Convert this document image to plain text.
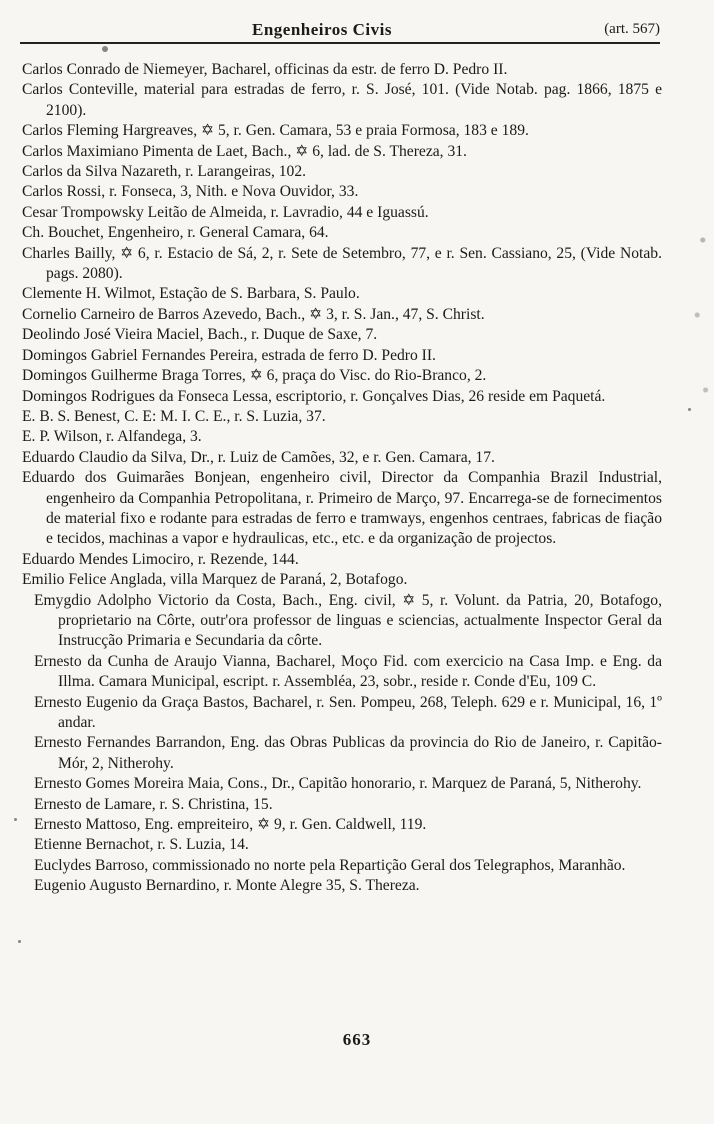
Engenheiros Civis	(art. 567)

Carlos Conrado de Niemeyer, Bacharel, officinas da estr. de ferro D. Pedro II.

Carlos Conteville, material para estradas de ferro, r. S. José, 101. (Vide Notab. pag. 1866, 1875 e 2100).

Carlos Fleming Hargreaves, ✡ 5, r. Gen. Camara, 53 e praia Formosa, 183 e 189.

Carlos Maximiano Pimenta de Laet, Bach., ✡ 6, lad. de S. Thereza, 31.

Carlos da Silva Nazareth, r. Larangeiras, 102.

Carlos Rossi, r. Fonseca, 3, Nith. e Nova Ouvidor, 33.

Cesar Trompowsky Leitão de Almeida, r. Lavradio, 44 e Iguassú.

Ch. Bouchet, Engenheiro, r. General Camara, 64.

Charles Bailly, ✡ 6, r. Estacio de Sá, 2, r. Sete de Setembro, 77, e r. Sen. Cassiano, 25, (Vide Notab. pags. 2080).

Clemente H. Wilmot, Estação de S. Barbara, S. Paulo.

Cornelio Carneiro de Barros Azevedo, Bach., ✡ 3, r. S. Jan., 47, S. Christ.

Deolindo José Vieira Maciel, Bach., r. Duque de Saxe, 7.

Domingos Gabriel Fernandes Pereira, estrada de ferro D. Pedro II.

Domingos Guilherme Braga Torres, ✡ 6, praça do Visc. do Rio-Branco, 2.

Domingos Rodrigues da Fonseca Lessa, escriptorio, r. Gonçalves Dias, 26 reside em Paquetá.

E. B. S. Benest, C. E: M. I. C. E., r. S. Luzia, 37.

E. P. Wilson, r. Alfandega, 3.

Eduardo Claudio da Silva, Dr., r. Luiz de Camões, 32, e r. Gen. Camara, 17.

Eduardo dos Guimarães Bonjean, engenheiro civil, Director da Companhia Brazil Industrial, engenheiro da Companhia Petropolitana, r. Primeiro de Março, 97. Encarrega-se de fornecimentos de material fixo e rodante para estradas de ferro e tramways, engenhos centraes, fabricas de fiação e tecidos, machinas a vapor e hydraulicas, etc., etc. e da organização de projectos.

Eduardo Mendes Limociro, r. Rezende, 144.

Emilio Felice Anglada, villa Marquez de Paraná, 2, Botafogo.

Emygdio Adolpho Victorio da Costa, Bach., Eng. civil, ✡ 5, r. Volunt. da Patria, 20, Botafogo, proprietario na Côrte, outr'ora professor de linguas e sciencias, actualmente Inspector Geral da Instrucção Primaria e Secundaria da côrte.

Ernesto da Cunha de Araujo Vianna, Bacharel, Moço Fid. com exercicio na Casa Imp. e Eng. da Illma. Camara Municipal, escript. r. Assembléa, 23, sobr., reside r. Conde d'Eu, 109 C.

Ernesto Eugenio da Graça Bastos, Bacharel, r. Sen. Pompeu, 268, Teleph. 629 e r. Municipal, 16, 1º andar.

Ernesto Fernandes Barrandon, Eng. das Obras Publicas da provincia do Rio de Janeiro, r. Capitão-Mór, 2, Nitherohy.

Ernesto Gomes Moreira Maia, Cons., Dr., Capitão honorario, r. Marquez de Paraná, 5, Nitherohy.

Ernesto de Lamare, r. S. Christina, 15.

Ernesto Mattoso, Eng. empreiteiro, ✡ 9, r. Gen. Caldwell, 119.

Etienne Bernachot, r. S. Luzia, 14.

Euclydes Barroso, commissionado no norte pela Repartição Geral dos Telegraphos, Maranhão.

Eugenio Augusto Bernardino, r. Monte Alegre 35, S. Thereza.

663
